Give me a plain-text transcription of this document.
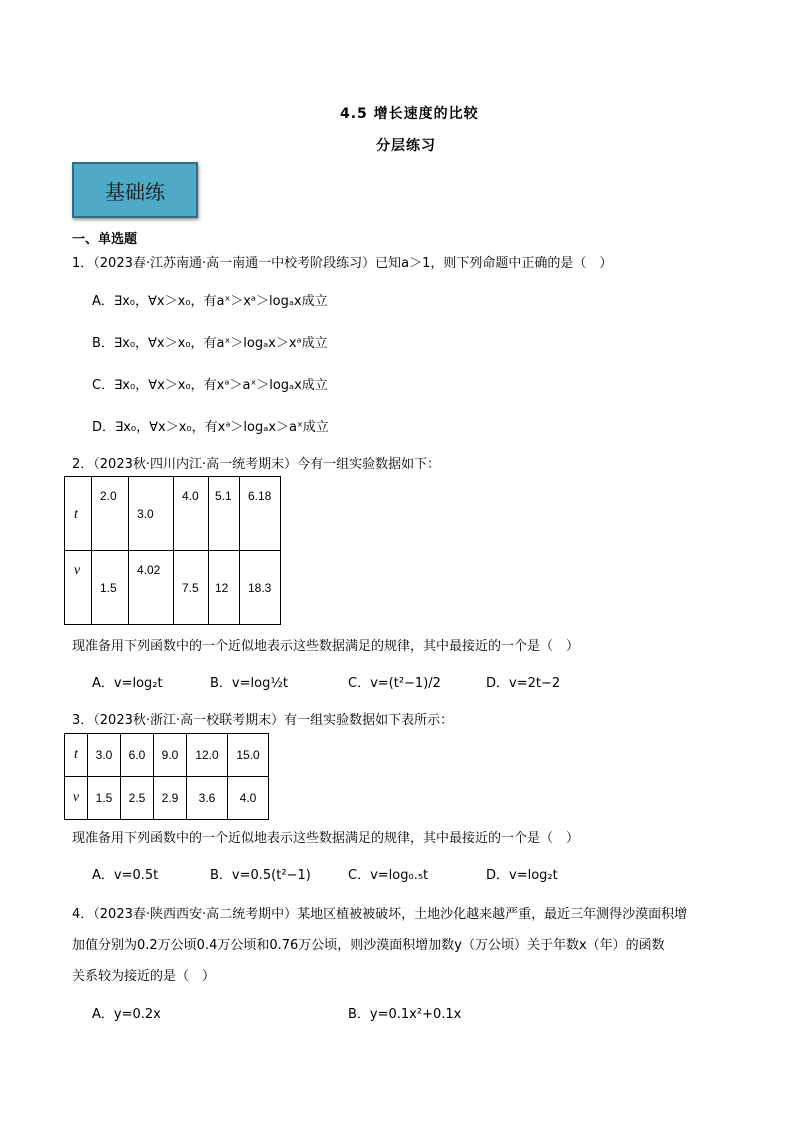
4.5 增长速度的比较
分层练习
基础练
一、单选题
1．（2023春·江苏南通·高一南通一中校考阶段练习）已知a＞1，则下列命题中正确的是（　）
A．∃x₀，∀x＞x₀，有aˣ＞xᵃ＞logₐx成立
B．∃x₀，∀x＞x₀，有aˣ＞logₐx＞xᵃ成立
C．∃x₀，∀x＞x₀，有xᵃ＞aˣ＞logₐx成立
D．∃x₀，∀x＞x₀，有xᵃ＞logₐx＞aˣ成立
2．（2023秋·四川内江·高一统考期末）今有一组实验数据如下：
t	2.0	3.0	4.0	5.1	6.18

v	1.5	4.02	7.5	12	18.3
现准备用下列函数中的一个近似地表示这些数据满足的规律，其中最接近的一个是（　）
A．v=log₂t	B．v=log½t	C．v=(t²−1)/2	D．v=2t−2
3．（2023秋·浙江·高一校联考期末）有一组实验数据如下表所示：
t	3.0	6.0	9.0	12.0	15.0
v	1.5	2.5	2.9	3.6	4.0
现准备用下列函数中的一个近似地表示这些数据满足的规律，其中最接近的一个是（　）
A．v=0.5t	B．v=0.5(t²−1)	C．v=log₀.₅t	D．v=log₂t
4．（2023春·陕西西安·高二统考期中）某地区植被被破坏，土地沙化越来越严重，最近三年测得沙漠面积增
加值分别为0.2万公顷0.4万公顷和0.76万公顷，则沙漠面积增加数y（万公顷）关于年数x（年）的函数
关系较为接近的是（　）
A．y=0.2x	B．y=0.1x²+0.1x
